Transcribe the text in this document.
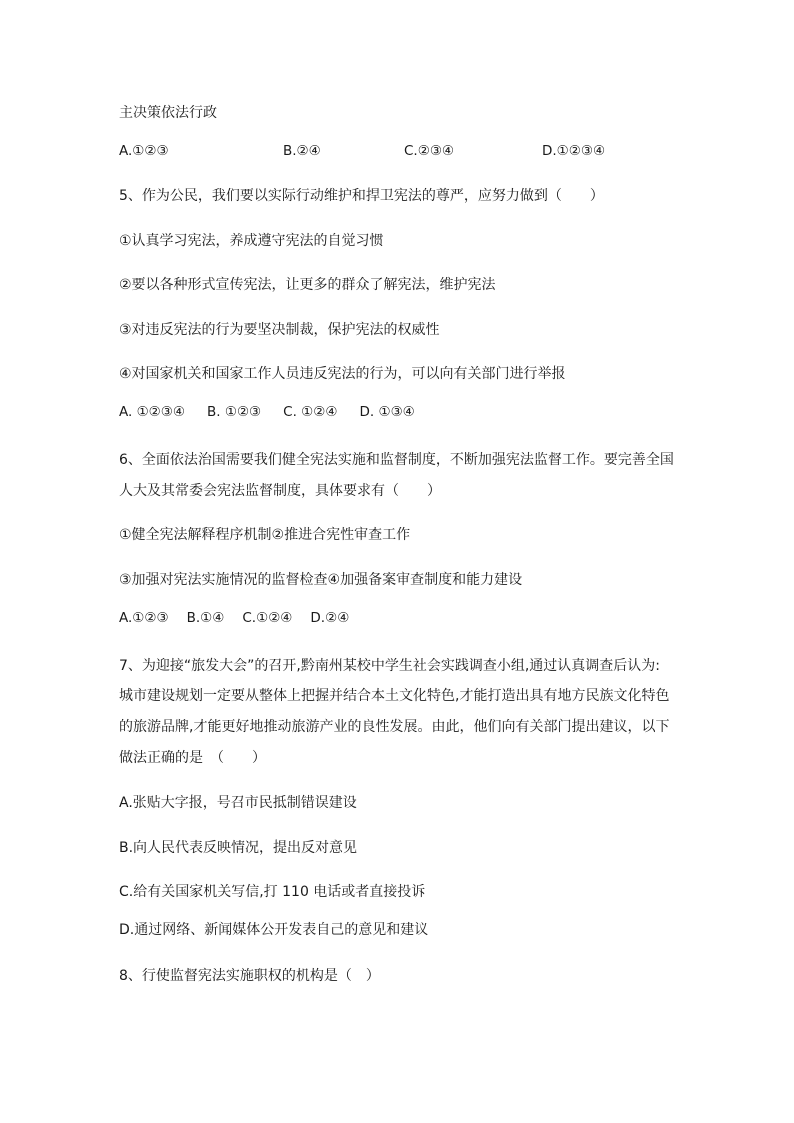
主决策依法行政
A.①②③	B.②④	C.②③④	D.①②③④
5、作为公民，我们要以实际行动维护和捍卫宪法的尊严，应努力做到（　　）
①认真学习宪法，养成遵守宪法的自觉习惯
②要以各种形式宣传宪法，让更多的群众了解宪法，维护宪法
③对违反宪法的行为要坚决制裁，保护宪法的权威性
④对国家机关和国家工作人员违反宪法的行为，可以向有关部门进行举报
A. ①②③④ B. ①②③ C. ①②④ D. ①③④
6、全面依法治国需要我们健全宪法实施和监督制度，不断加强宪法监督工作。要完善全国
人大及其常委会宪法监督制度，具体要求有（　　）
①健全宪法解释程序机制②推进合宪性审查工作
③加强对宪法实施情况的监督检查④加强备案审查制度和能力建设
A.①②③ B.①④ C.①②④ D.②④
7、为迎接“旅发大会”的召开,黔南州某校中学生社会实践调查小组,通过认真调查后认为:
城市建设规划一定要从整体上把握并结合本土文化特色,才能打造出具有地方民族文化特色
的旅游品牌,才能更好地推动旅游产业的良性发展。由此，他们向有关部门提出建议，以下
做法正确的是　（　　）
A.张贴大字报，号召市民抵制错误建设
B.向人民代表反映情况，提出反对意见
C.给有关国家机关写信,打 110 电话或者直接投诉
D.通过网络、新闻媒体公开发表自己的意见和建议
8、行使监督宪法实施职权的机构是（　）
